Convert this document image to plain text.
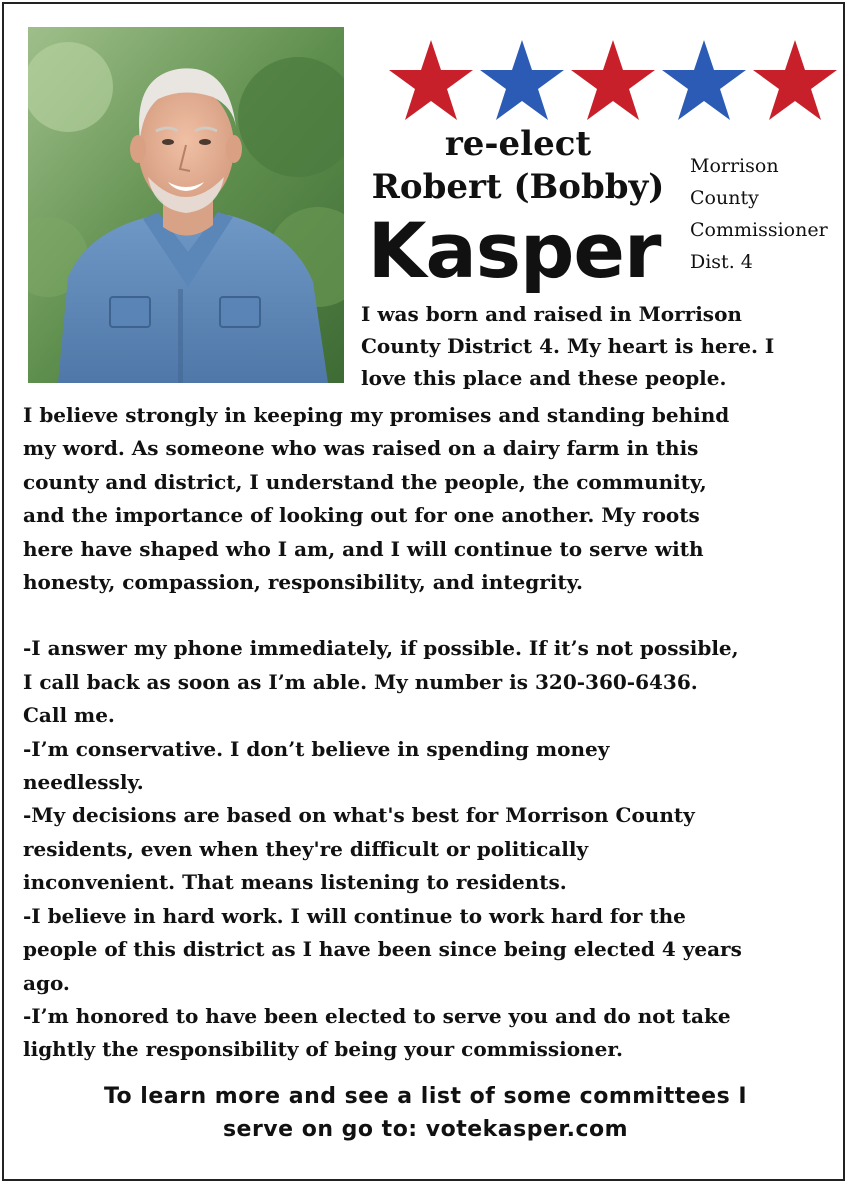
re-elect
Robert (Bobby)
Kasper
Morrison
County
Commissioner
Dist. 4
I was born and raised in Morrison
County District 4. My heart is here. I
love this place and these people.
I believe strongly in keeping my promises and standing behind
my word. As someone who was raised on a dairy farm in this
county and district, I understand the people, the community,
and the importance of looking out for one another. My roots
here have shaped who I am, and I will continue to serve with
honesty, compassion, responsibility, and integrity.
-I answer my phone immediately, if possible. If it’s not possible,
I call back as soon as I’m able. My number is 320-360-6436.
Call me.
-I’m conservative. I don’t believe in spending money
needlessly.
-My decisions are based on what's best for Morrison County
residents, even when they're difficult or politically
inconvenient. That means listening to residents.
-I believe in hard work. I will continue to work hard for the
people of this district as I have been since being elected 4 years
ago.
-I’m honored to have been elected to serve you and do not take
lightly the responsibility of being your commissioner.
To learn more and see a list of some committees I
serve on go to: votekasper.com
